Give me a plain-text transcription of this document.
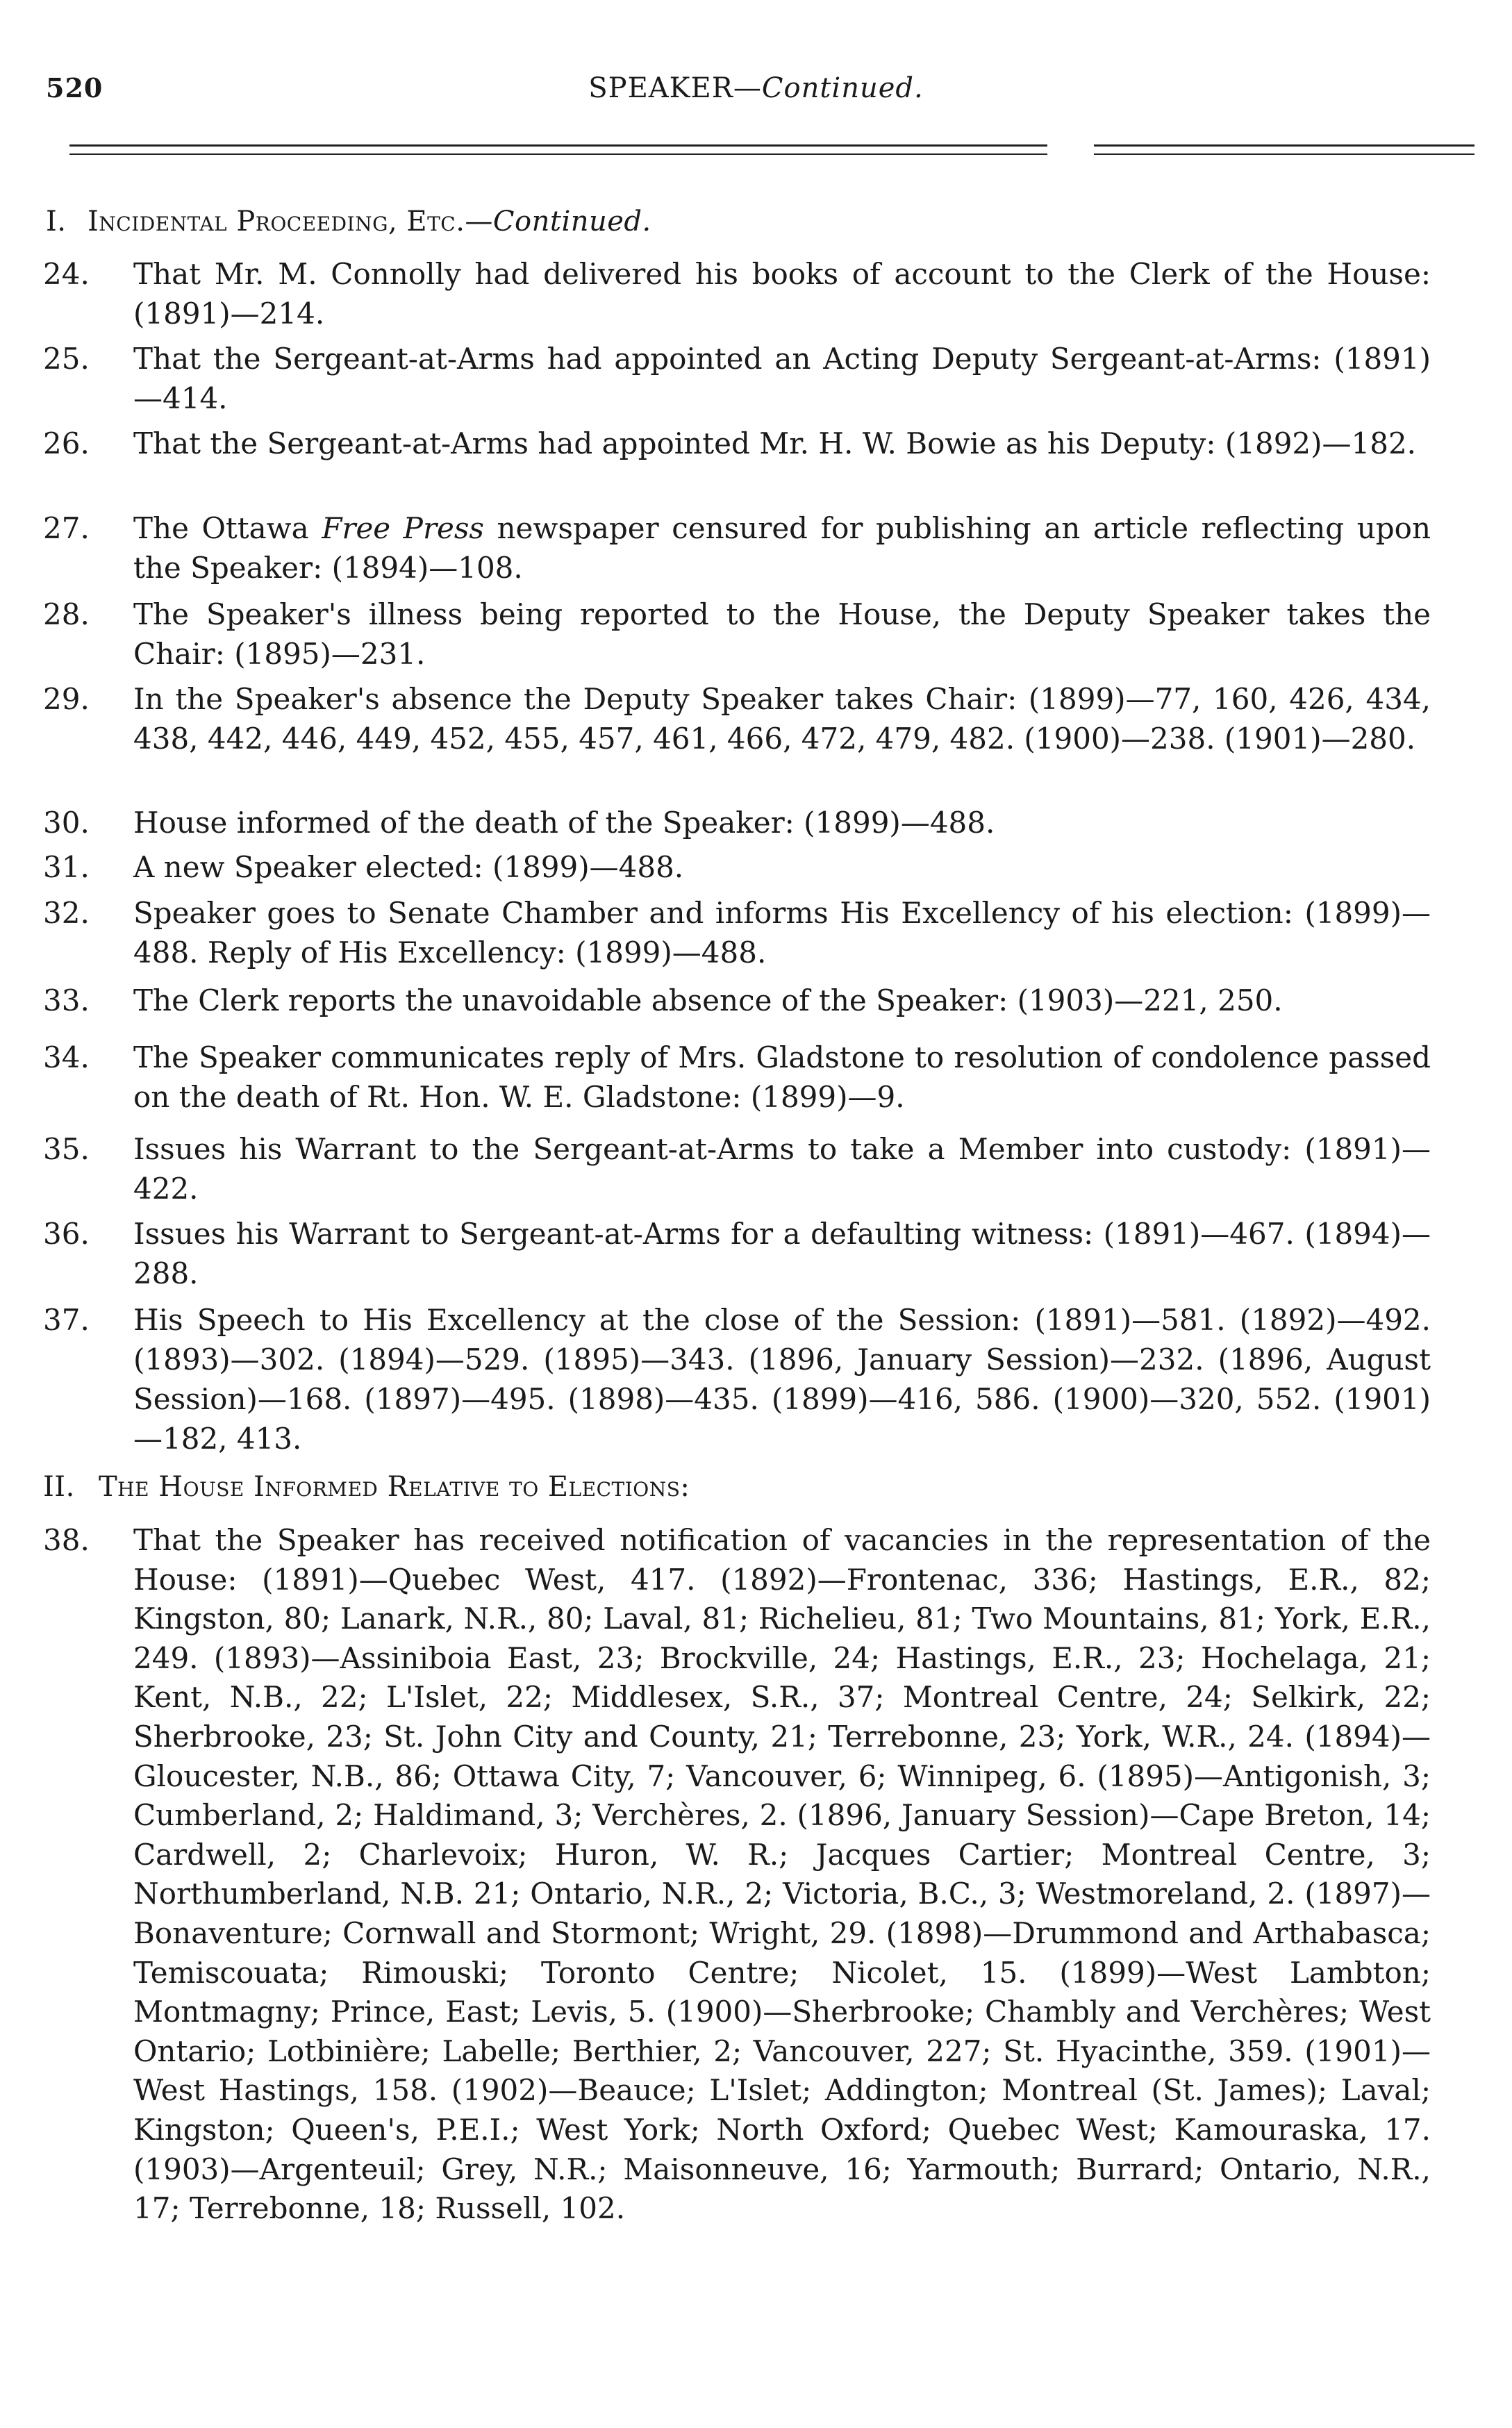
520	SPEAKER—Continued.
I. Incidental Proceeding, Etc.—Continued.
24.	That Mr. M. Connolly had delivered his books of account to the Clerk of the House: (1891)—214.
25.	That the Sergeant-at-Arms had appointed an Acting Deputy Sergeant-at-Arms: (1891)—414.
26.	That the Sergeant-at-Arms had appointed Mr. H. W. Bowie as his Deputy: (1892)—182.
27.	The Ottawa Free Press newspaper censured for publishing an article reflecting upon the Speaker: (1894)—108.
28.	The Speaker's illness being reported to the House, the Deputy Speaker takes the Chair: (1895)—231.
29.	In the Speaker's absence the Deputy Speaker takes Chair: (1899)—77, 160, 426, 434, 438, 442, 446, 449, 452, 455, 457, 461, 466, 472, 479, 482. (1900)—238. (1901)—280.
30.	House informed of the death of the Speaker: (1899)—488.
31.	A new Speaker elected: (1899)—488.
32.	Speaker goes to Senate Chamber and informs His Excellency of his election: (1899)—488. Reply of His Excellency: (1899)—488.
33.	The Clerk reports the unavoidable absence of the Speaker: (1903)—221, 250.
34.	The Speaker communicates reply of Mrs. Gladstone to resolution of condolence passed on the death of Rt. Hon. W. E. Gladstone: (1899)—9.
35.	Issues his Warrant to the Sergeant-at-Arms to take a Member into custody: (1891)—422.
36.	Issues his Warrant to Sergeant-at-Arms for a defaulting witness: (1891)—467. (1894)—288.
37.	His Speech to His Excellency at the close of the Session: (1891)—581. (1892)—492. (1893)—302. (1894)—529. (1895)—343. (1896, January Session)—232. (1896, August Session)—168. (1897)—495. (1898)—435. (1899)—416, 586. (1900)—320, 552. (1901)—182, 413.
II. The House Informed Relative to Elections:
38.	That the Speaker has received notification of vacancies in the representation of the House: (1891)—Quebec West, 417. (1892)—Frontenac, 336; Hastings, E.R., 82; Kingston, 80; Lanark, N.R., 80; Laval, 81; Richelieu, 81; Two Mountains, 81; York, E.R., 249. (1893)—Assiniboia East, 23; Brockville, 24; Hastings, E.R., 23; Hochelaga, 21; Kent, N.B., 22; L'Islet, 22; Middlesex, S.R., 37; Montreal Centre, 24; Selkirk, 22; Sherbrooke, 23; St. John City and County, 21; Terrebonne, 23; York, W.R., 24. (1894)—Gloucester, N.B., 86; Ottawa City, 7; Vancouver, 6; Winnipeg, 6. (1895)—Antigonish, 3; Cumberland, 2; Haldimand, 3; Verchères, 2. (1896, January Session)—Cape Breton, 14; Cardwell, 2; Charlevoix; Huron, W. R.; Jacques Cartier; Montreal Centre, 3; Northumberland, N.B. 21; Ontario, N.R., 2; Victoria, B.C., 3; Westmoreland, 2. (1897)—Bonaventure; Cornwall and Stormont; Wright, 29. (1898)—Drummond and Arthabasca; Temiscouata; Rimouski; Toronto Centre; Nicolet, 15. (1899)—West Lambton; Montmagny; Prince, East; Levis, 5. (1900)—Sherbrooke; Chambly and Verchères; West Ontario; Lotbinière; Labelle; Berthier, 2; Vancouver, 227; St. Hyacinthe, 359. (1901)—West Hastings, 158. (1902)—Beauce; L'Islet; Addington; Montreal (St. James); Laval; Kingston; Queen's, P.E.I.; West York; North Oxford; Quebec West; Kamouraska, 17. (1903)—Argenteuil; Grey, N.R.; Maisonneuve, 16; Yarmouth; Burrard; Ontario, N.R., 17; Terrebonne, 18; Russell, 102.
